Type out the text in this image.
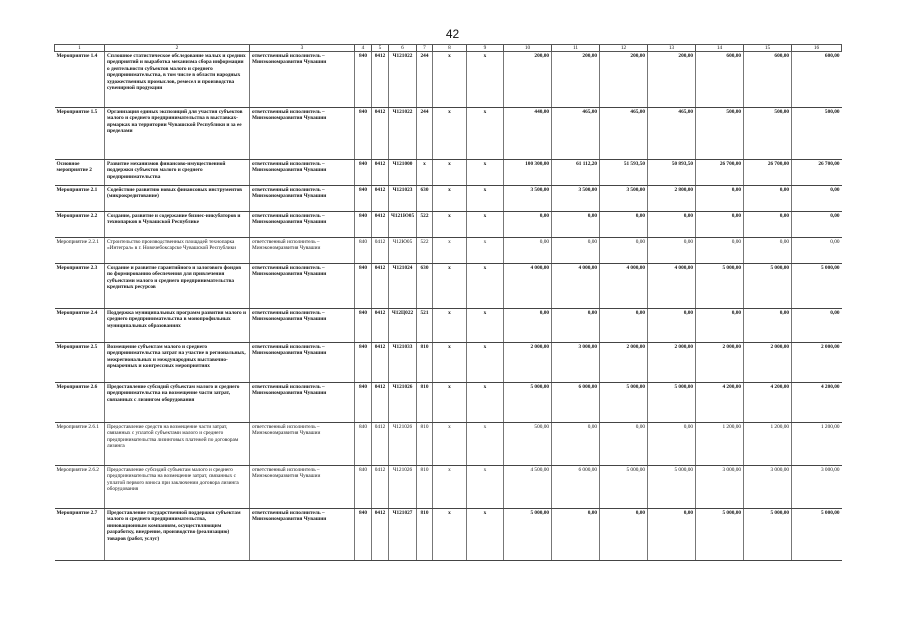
42
1	2	3	4	5	6	7	8	9	10	11	12	13	14	15	16
Мероприятие 1.4	Сплошное статистическое обследование малых и средних предприятий и выработка механизма сбора информации о деятельности субъектов малого и среднего предпринимательства, в том числе в области народных художественных промыслов, ремесел и производства сувенирной продукции	ответственный исполнитель – Минэкономразвития Чувашии	840	0412	Ч121022	244	x	x	200,00	200,00	200,00	200,00	600,00	600,00	600,00
Мероприятие 1.5	Организация единых экспозиций для участия субъектов малого и среднего предпринимательства в выставках-ярмарках на территории Чувашской Республики и за ее пределами	ответственный исполнитель – Минэкономразвития Чувашии	840	0412	Ч121022	244	x	x	440,00	465,00	465,00	465,00	500,00	500,00	500,00
Основное мероприятие 2	Развитие механизмов финансово-имущественной поддержки субъектов малого и среднего предпринимательства	ответственный исполнитель – Минэкономразвития Чувашии	840	0412	Ч121000	x	x	x	100 300,00	61 112,20	51 593,50	50 893,50	26 700,00	26 700,00	26 700,00
Мероприятие 2.1	Содействие развитию новых финансовых инструментов (микрокредитование)	ответственный исполнитель – Минэкономразвития Чувашии	840	0412	Ч121023	630	x	x	3 500,00	3 500,00	3 500,00	2 800,00	0,00	0,00	0,00
Мероприятие 2.2	Создание, развитие и содержание бизнес-инкубаторов и технопарков в Чувашской Республике	ответственный исполнитель – Минэкономразвития Чувашии	840	0412	Ч121Ю05	522	x	x	0,00	0,00	0,00	0,00	0,00	0,00	0,00
Мероприятие 2.2.1	Строительство производственных площадей технопарка «Интеграл» в г. Новочебоксарске Чувашской Республики	ответственный исполнитель – Минэкономразвития Чувашии	840	0412	Ч12Ю05	522	x	x	0,00	0,00	0,00	0,00	0,00	0,00	0,00
Мероприятие 2.3	Создание и развитие гарантийного и залогового фондов по формированию обеспечения для привлечения субъектами малого и среднего предпринимательства кредитных ресурсов	ответственный исполнитель – Минэкономразвития Чувашии	840	0412	Ч121024	630	x	x	4 000,00	4 000,00	4 000,00	4 000,00	5 000,00	5 000,00	5 000,00
Мероприятие 2.4	Поддержка муниципальных программ развития малого и среднего предпринимательства в монопрофильных муниципальных образованиях	ответственный исполнитель – Минэкономразвития Чувашии	840	0412	Ч12Ц022	521	x	x	0,00	0,00	0,00	0,00	0,00	0,00	0,00
Мероприятие 2.5	Возмещение субъектам малого и среднего предпринимательства затрат на участие в региональных, межрегиональных и международных выставочно-ярмарочных и конгрессных мероприятиях	ответственный исполнитель – Минэкономразвития Чувашии	840	0412	Ч121033	810	x	x	2 000,00	3 000,00	2 000,00	2 000,00	2 000,00	2 000,00	2 000,00
Мероприятие 2.6	Предоставление субсидий субъектам малого и среднего предпринимательства на возмещение части затрат, связанных с лизингом оборудования	ответственный исполнитель – Минэкономразвития Чувашии	840	0412	Ч121026	810	x	x	5 000,00	6 000,00	5 000,00	5 000,00	4 200,00	4 200,00	4 200,00
Мероприятие 2.6.1	Предоставление средств на возмещение части затрат, связанных с уплатой субъектами малого и среднего предпринимательства лизинговых платежей по договорам лизинга	ответственный исполнитель – Минэкономразвития Чувашии	840	0412	Ч121026	810	x	x	500,00	0,00	0,00	0,00	1 200,00	1 200,00	1 200,00
Мероприятие 2.6.2	Предоставление субсидий субъектам малого и среднего предпринимательства на возмещение затрат, связанных с уплатой первого взноса при заключении договора лизинга оборудования	ответственный исполнитель – Минэкономразвития Чувашии	840	0412	Ч121026	810	x	x	4 500,00	6 000,00	5 000,00	5 000,00	3 000,00	3 000,00	3 000,00
Мероприятие 2.7	Предоставление государственной поддержки субъектам малого и среднего предпринимательства, инновационным компаниям, осуществляющим разработку, внедрение, производство (реализацию) товаров (работ, услуг)	ответственный исполнитель – Минэкономразвития Чувашии	840	0412	Ч121027	810	x	x	5 000,00	0,00	0,00	0,00	5 000,00	5 000,00	5 000,00
